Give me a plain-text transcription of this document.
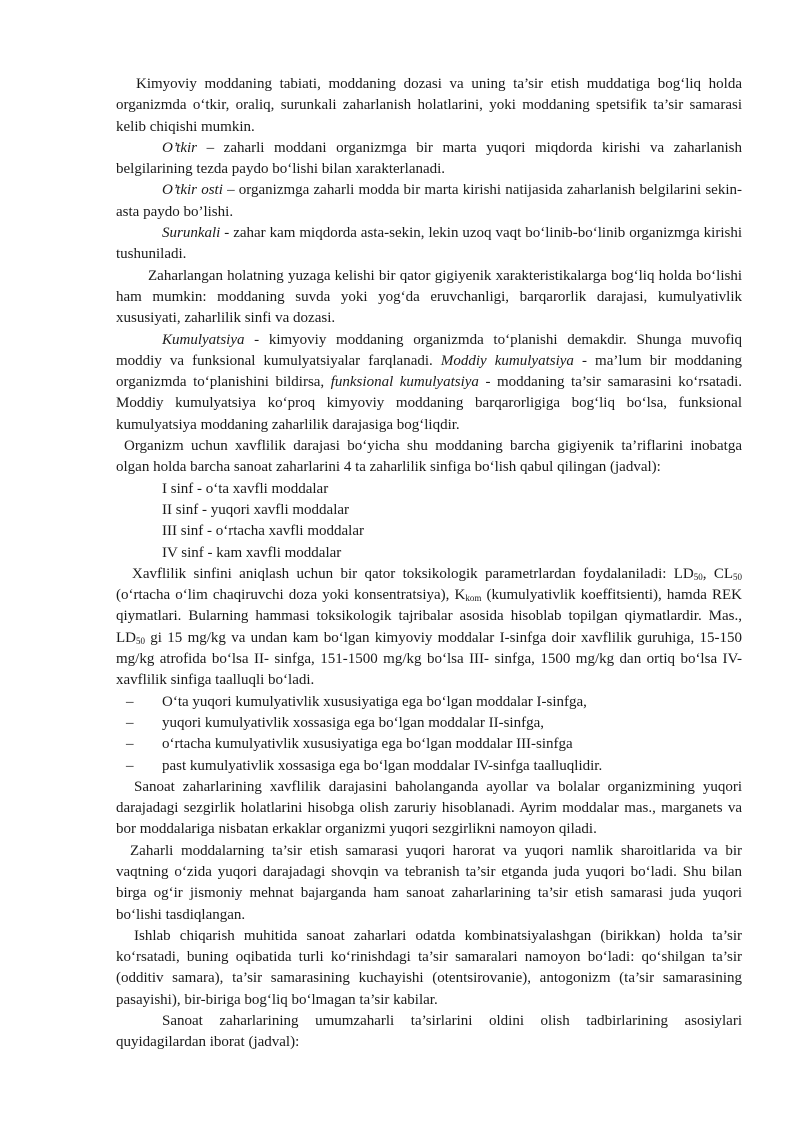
Kimyoviy moddaning tabiati, moddaning dozasi va uning ta’sir etish muddatiga bog‘liq holda organizmda o‘tkir, oraliq, surunkali zaharlanish holatlarini, yoki moddaning spetsifik ta’sir samarasi kelib chiqishi mumkin.

O’tkir – zaharli moddani organizmga bir marta yuqori miqdorda kirishi va zaharlanish belgilarining tezda paydo bo‘lishi bilan xarakterlanadi.

O’tkir osti – organizmga zaharli modda bir marta kirishi natijasida zaharlanish belgilarini sekin-asta paydo bo’lishi.

Surunkali - zahar kam miqdorda asta-sekin, lekin uzoq vaqt bo‘linib-bo‘linib organizmga kirishi tushuniladi.

Zaharlangan holatning yuzaga kelishi bir qator gigiyenik xarakteristikalarga bog‘liq holda bo‘lishi ham mumkin: moddaning suvda yoki yog‘da eruvchanligi, barqarorlik darajasi, kumulyativlik xususiyati, zaharlilik sinfi va dozasi.

Kumulyatsiya - kimyoviy moddaning organizmda to‘planishi demakdir. Shunga muvofiq moddiy va funksional kumulyatsiyalar farqlanadi. Moddiy kumulyatsiya - ma’lum bir moddaning organizmda to‘planishini bildirsa, funksional kumulyatsiya - moddaning ta’sir samarasini ko‘rsatadi. Moddiy kumulyatsiya ko‘proq kimyoviy moddaning barqarorligiga bog‘liq bo‘lsa, funksional kumulyatsiya moddaning zaharlilik darajasiga bog‘liqdir.

Organizm uchun xavflilik darajasi bo‘yicha shu moddaning barcha gigiyenik ta’riflarini inobatga olgan holda barcha sanoat zaharlarini 4 ta zaharlilik sinfiga bo‘lish qabul qilingan (jadval):

I sinf - o‘ta xavfli moddalar

II sinf - yuqori xavfli moddalar

III sinf - o‘rtacha xavfli moddalar

IV sinf - kam xavfli moddalar

Xavflilik sinfini aniqlash uchun bir qator toksikologik parametrlardan foydalaniladi: $LD_{50}$, $CL_{50}$ (o‘rtacha o‘lim chaqiruvchi doza yoki konsentratsiya), $K_{kom}$ (kumulyativlik koeffitsienti), hamda REK qiymatlari. Bularning hammasi toksikologik tajribalar asosida hisoblab topilgan qiymatlardir. Mas., $LD_{50}$ gi 15 mg/kg va undan kam bo‘lgan kimyoviy moddalar I-sinfga doir xavflilik guruhiga, 15-150 mg/kg atrofida bo‘lsa II- sinfga, 151-1500 mg/kg bo‘lsa III- sinfga, 1500 mg/kg dan ortiq bo‘lsa IV- xavflilik sinfiga taalluqli bo‘ladi.

– O‘ta yuqori kumulyativlik xususiyatiga ega bo‘lgan moddalar I-sinfga,
– yuqori kumulyativlik xossasiga ega bo‘lgan moddalar II-sinfga,
– o‘rtacha kumulyativlik xususiyatiga ega bo‘lgan moddalar III-sinfga
– past kumulyativlik xossasiga ega bo‘lgan moddalar IV-sinfga taalluqlidir.

Sanoat zaharlarining xavflilik darajasini baholanganda ayollar va bolalar organizmining yuqori darajadagi sezgirlik holatlarini hisobga olish zaruriy hisoblanadi. Ayrim moddalar mas., marganets va bor moddalariga nisbatan erkaklar organizmi yuqori sezgirlikni namoyon qiladi.

Zaharli moddalarning ta’sir etish samarasi yuqori harorat va yuqori namlik sharoitlarida va bir vaqtning o‘zida yuqori darajadagi shovqin va tebranish ta’sir etganda juda yuqori bo‘ladi. Shu bilan birga og‘ir jismoniy mehnat bajarganda ham sanoat zaharlarining ta’sir etish samarasi juda yuqori bo‘lishi tasdiqlangan.

Ishlab chiqarish muhitida sanoat zaharlari odatda kombinatsiyalashgan (birikkan) holda ta’sir ko‘rsatadi, buning oqibatida turli ko‘rinishdagi ta’sir samaralari namoyon bo‘ladi: qo‘shilgan ta’sir (odditiv samara), ta’sir samarasining kuchayishi (otentsirovanie), antogonizm (ta’sir samarasining pasayishi), bir-biriga bog‘liq bo‘lmagan ta’sir kabilar.

Sanoat zaharlarining umumzaharli ta’sirlarini oldini olish tadbirlarining asosiylari quyidagilardan iborat (jadval):
